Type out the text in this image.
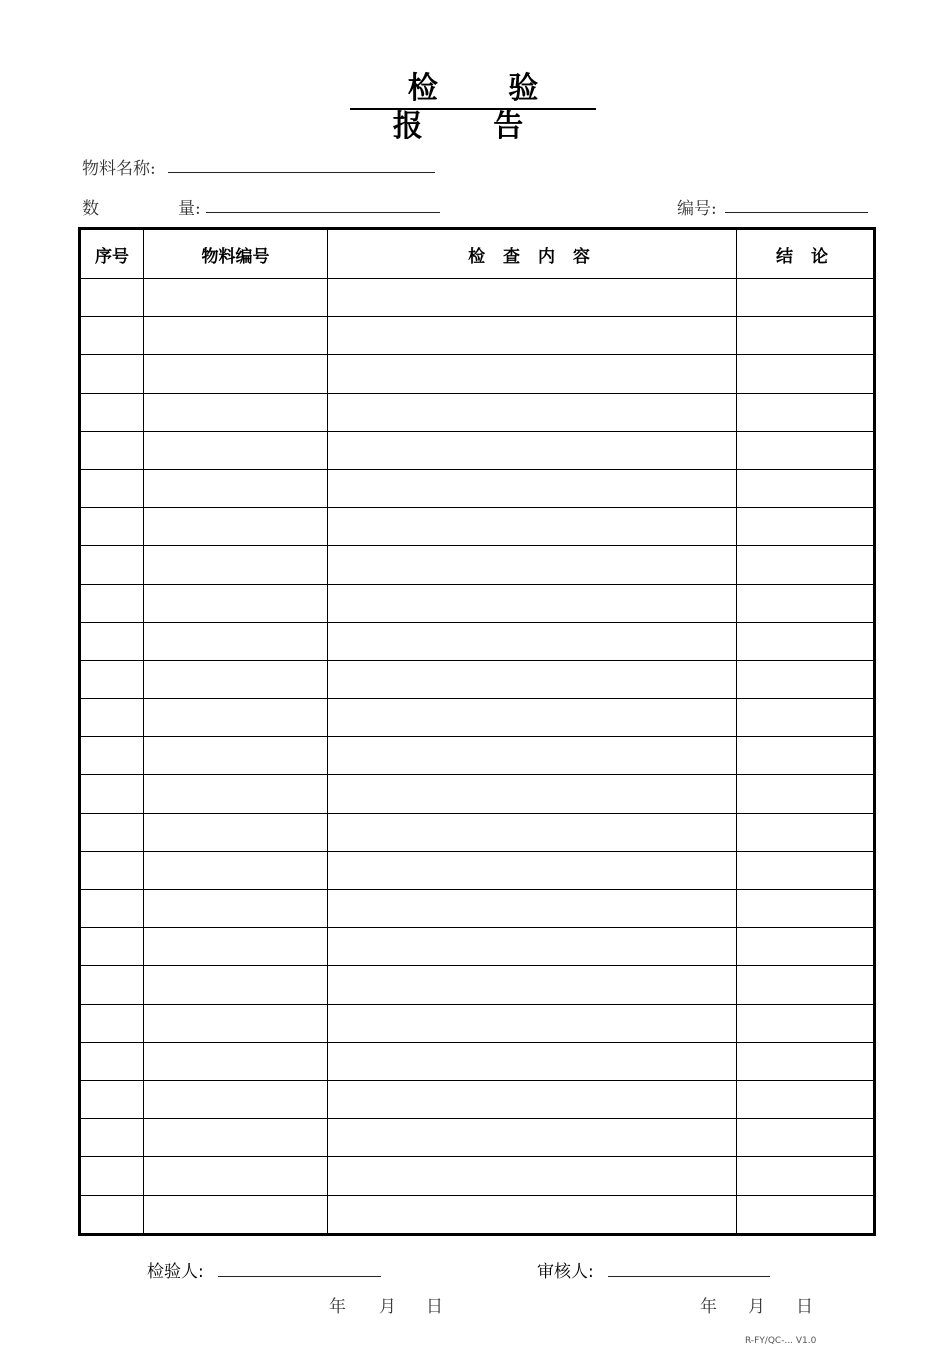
检 验 报 告
物料名称:
数	量:	编号:
序号	物料编号	检 查 内 容	结 论

检验人:	审核人:
年 月 日	年 月 日
R-FY/QC-... V1.0
